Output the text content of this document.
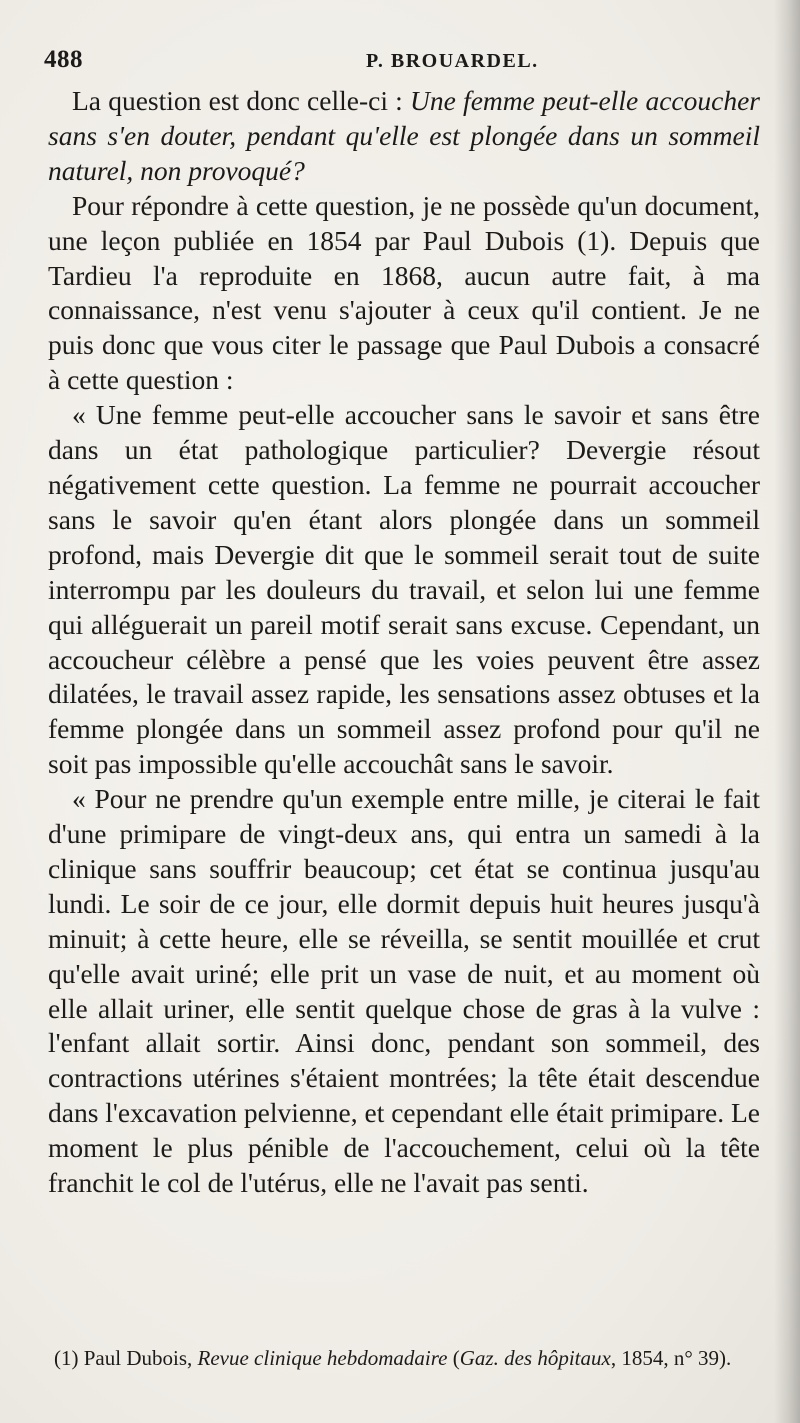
488	P. BROUARDEL.

La question est donc celle-ci : Une femme peut-elle accoucher sans s'en douter, pendant qu'elle est plongée dans un sommeil naturel, non provoqué?

Pour répondre à cette question, je ne possède qu'un document, une leçon publiée en 1854 par Paul Dubois (1). Depuis que Tardieu l'a reproduite en 1868, aucun autre fait, à ma connaissance, n'est venu s'ajouter à ceux qu'il contient. Je ne puis donc que vous citer le passage que Paul Dubois a consacré à cette question :

« Une femme peut-elle accoucher sans le savoir et sans être dans un état pathologique particulier? Devergie résout négativement cette question. La femme ne pourrait accoucher sans le savoir qu'en étant alors plongée dans un sommeil profond, mais Devergie dit que le sommeil serait tout de suite interrompu par les douleurs du travail, et selon lui une femme qui alléguerait un pareil motif serait sans excuse. Cependant, un accoucheur célèbre a pensé que les voies peuvent être assez dilatées, le travail assez rapide, les sensations assez obtuses et la femme plongée dans un sommeil assez profond pour qu'il ne soit pas impossible qu'elle accouchât sans le savoir.

« Pour ne prendre qu'un exemple entre mille, je citerai le fait d'une primipare de vingt-deux ans, qui entra un samedi à la clinique sans souffrir beaucoup; cet état se continua jusqu'au lundi. Le soir de ce jour, elle dormit depuis huit heures jusqu'à minuit; à cette heure, elle se réveilla, se sentit mouillée et crut qu'elle avait uriné; elle prit un vase de nuit, et au moment où elle allait uriner, elle sentit quelque chose de gras à la vulve : l'enfant allait sortir. Ainsi donc, pendant son sommeil, des contractions utérines s'étaient montrées; la tête était descendue dans l'excavation pelvienne, et cependant elle était primipare. Le moment le plus pénible de l'accouchement, celui où la tête franchit le col de l'utérus, elle ne l'avait pas senti.

(1) Paul Dubois, Revue clinique hebdomadaire (Gaz. des hôpitaux, 1854, n° 39).
